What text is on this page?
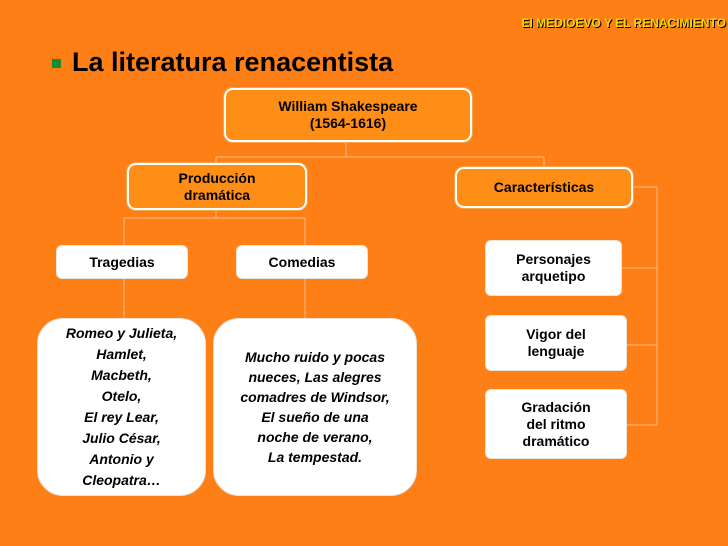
El MEDIOEVO Y EL RENACIMIENTO
La literatura renacentista
William Shakespeare
(1564-1616)
Producción
dramática	Características
Tragedias	Comedias
Romeo y Julieta,
Hamlet,
Macbeth,
Otelo,
El rey Lear,
Julio César,
Antonio y
Cleopatra…
Mucho ruido y pocas
nueces, Las alegres
comadres de Windsor,
El sueño de una
noche de verano,
La tempestad.
Personajes
arquetipo
Vigor del
lenguaje
Gradación
del ritmo
dramático
